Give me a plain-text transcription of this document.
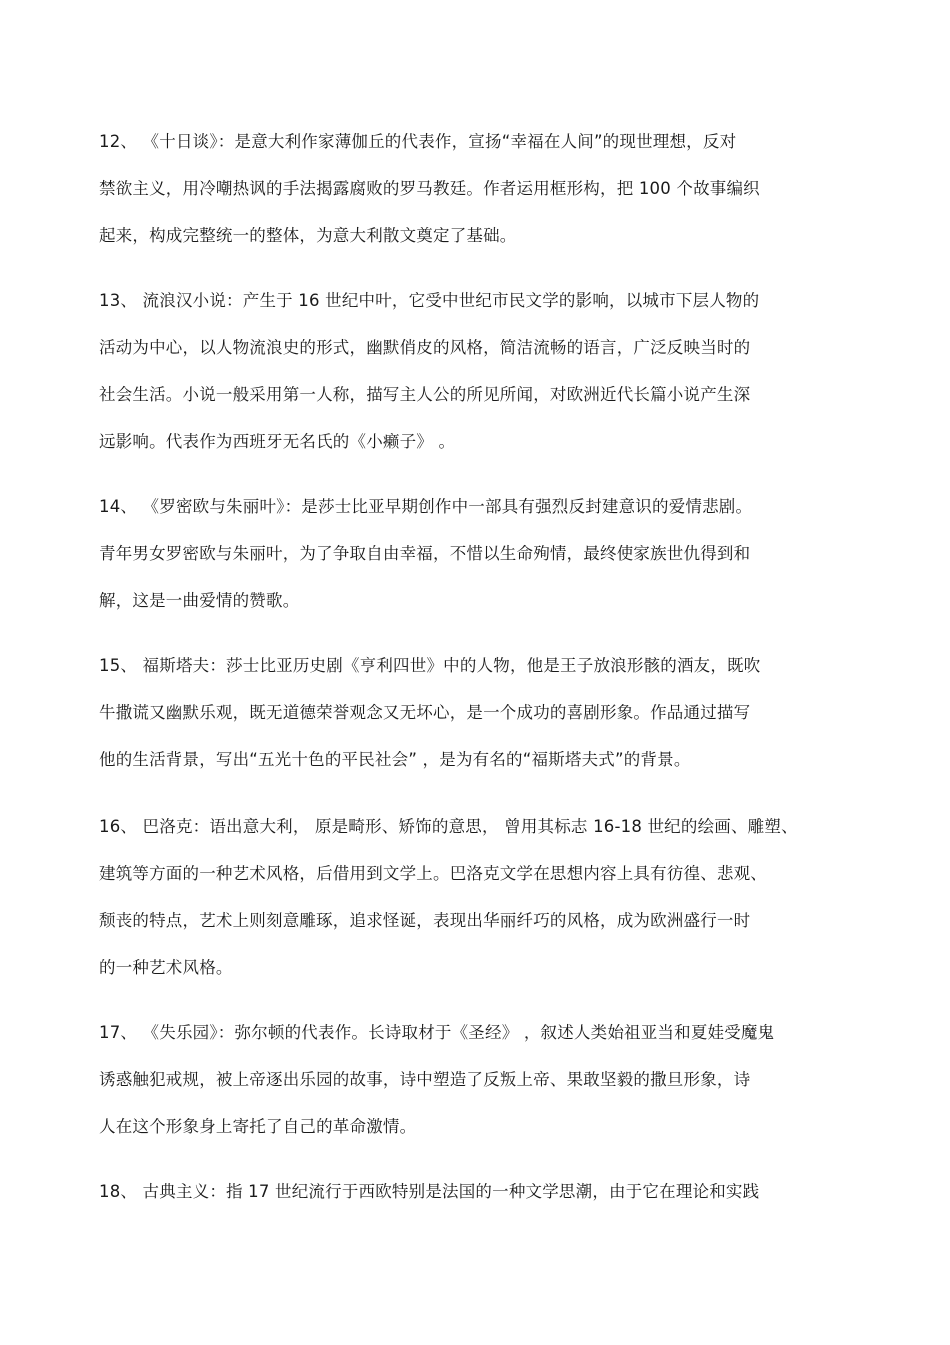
12、 《十日谈》：是意大利作家薄伽丘的代表作，宣扬“幸福在人间”的现世理想，反对
禁欲主义，用冷嘲热讽的手法揭露腐败的罗马教廷。作者运用框形构，把 100 个故事编织
起来，构成完整统一的整体，为意大利散文奠定了基础。
13、 流浪汉小说：产生于 16 世纪中叶，它受中世纪市民文学的影响，以城市下层人物的
活动为中心，以人物流浪史的形式，幽默俏皮的风格，简洁流畅的语言，广泛反映当时的
社会生活。小说一般采用第一人称，描写主人公的所见所闻，对欧洲近代长篇小说产生深
远影响。代表作为西班牙无名氏的《小癞子》 。
14、 《罗密欧与朱丽叶》：是莎士比亚早期创作中一部具有强烈反封建意识的爱情悲剧。
青年男女罗密欧与朱丽叶，为了争取自由幸福，不惜以生命殉情，最终使家族世仇得到和
解，这是一曲爱情的赞歌。
15、 福斯塔夫：莎士比亚历史剧《亨利四世》中的人物，他是王子放浪形骸的酒友，既吹
牛撒谎又幽默乐观，既无道德荣誉观念又无坏心，是一个成功的喜剧形象。作品通过描写
他的生活背景，写出“五光十色的平民社会” ，是为有名的“福斯塔夫式”的背景。
16、 巴洛克：语出意大利， 原是畸形、矫饰的意思， 曾用其标志 16-18 世纪的绘画、雕塑、
建筑等方面的一种艺术风格，后借用到文学上。巴洛克文学在思想内容上具有彷徨、悲观、
颓丧的特点，艺术上则刻意雕琢，追求怪诞，表现出华丽纤巧的风格，成为欧洲盛行一时
的一种艺术风格。
17、 《失乐园》：弥尔顿的代表作。长诗取材于《圣经》 ，叙述人类始祖亚当和夏娃受魔鬼
诱惑触犯戒规，被上帝逐出乐园的故事，诗中塑造了反叛上帝、果敢坚毅的撒旦形象，诗
人在这个形象身上寄托了自己的革命激情。
18、 古典主义：指 17 世纪流行于西欧特别是法国的一种文学思潮，由于它在理论和实践
